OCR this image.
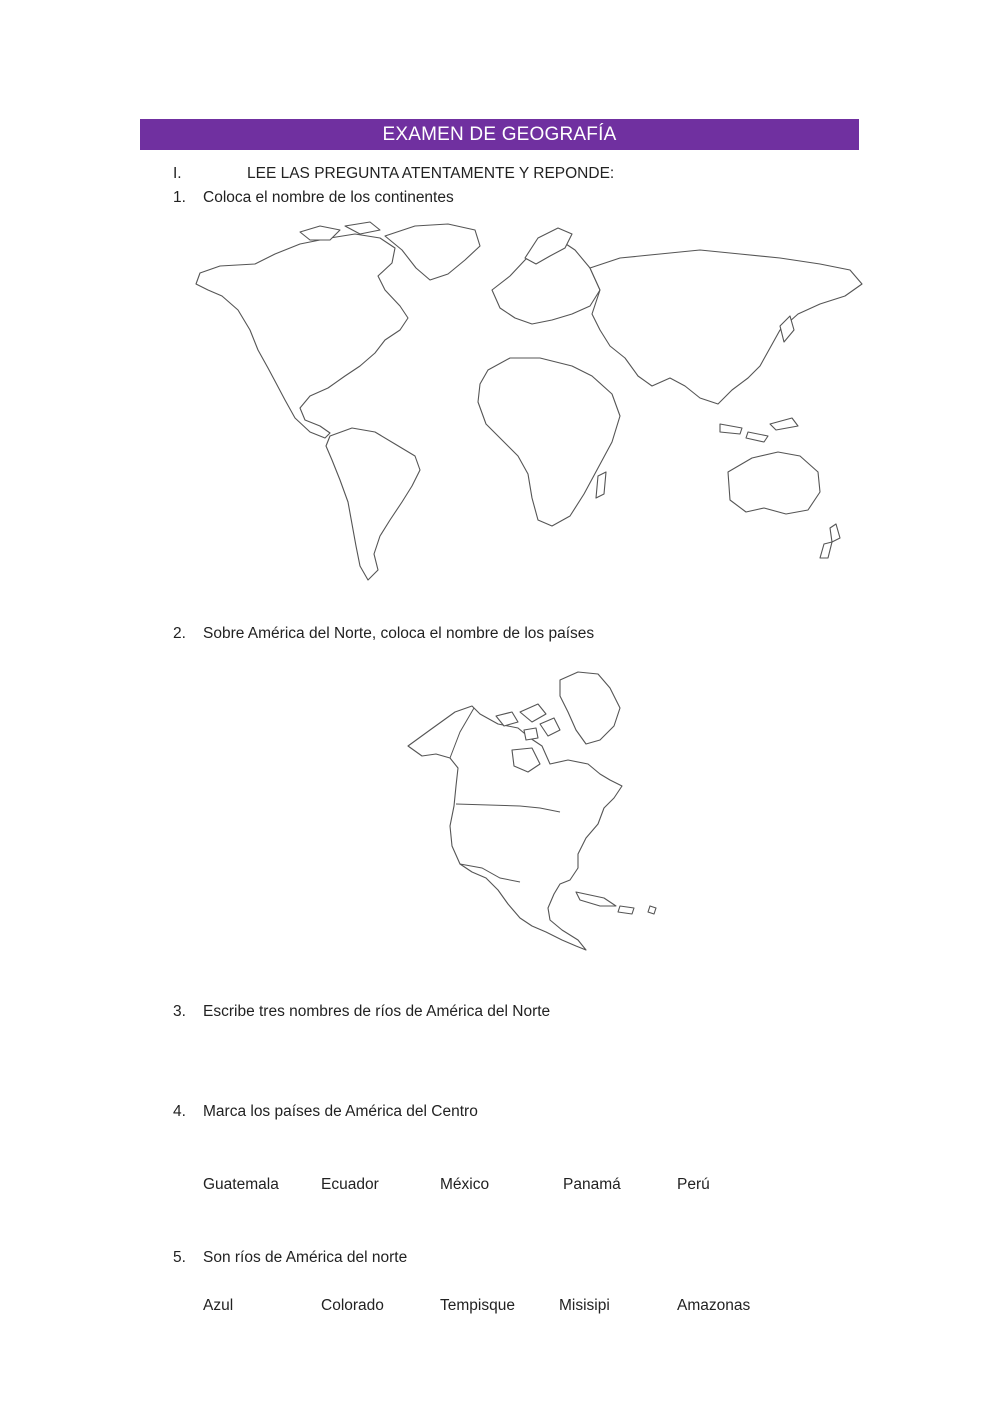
EXAMEN DE GEOGRAFÍA
I.	LEE LAS PREGUNTA ATENTAMENTE Y REPONDE:
1. Coloca el nombre de los continentes
2. Sobre América del Norte, coloca el nombre de los países
3. Escribe tres nombres de ríos de América del Norte
4. Marca los países de América del Centro
Guatemala	Ecuador	México	Panamá	Perú
5. Son ríos de América del norte
Azul	Colorado	Tempisque	Misisipi	Amazonas
